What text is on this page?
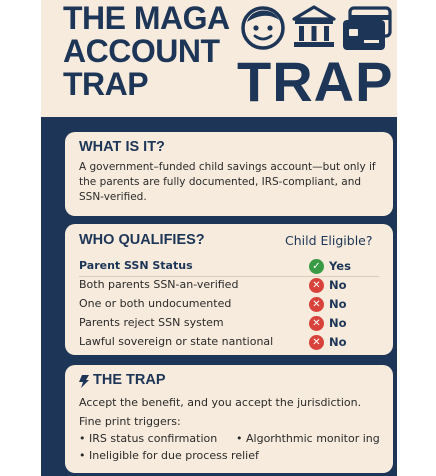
THE MAGA
ACCOUNT
TRAP	TRAP
WHAT IS IT?
A government–funded child savings account—but only if the parents are fully documented, IRS-compliant, and SSN-verified.
WHO QUALIFIES?	Child Eligible?
Parent SSN Status	✓ Yes
Both parents SSN-an-verified	✕ No
One or both undocumented	✕ No
Parents reject SSN system	✕ No
Lawful sovereign or state nantional	✕ No
THE TRAP
Accept the benefit, and you accept the jurisdiction.
Fine print triggers:
• IRS status confirmation • Algorhthmic monitor ing
• Ineligible for due process relief
